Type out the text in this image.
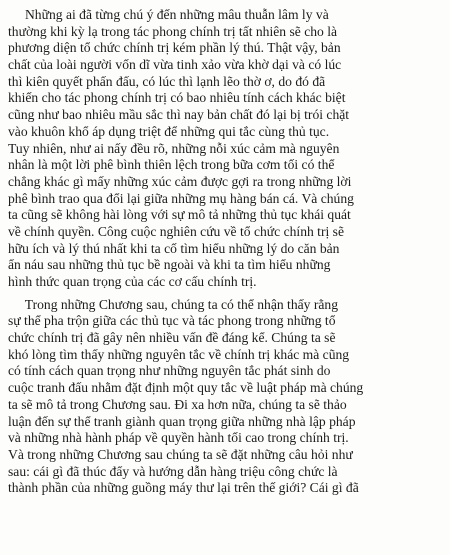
Những ai đã từng chú ý đến những mâu thuẫn lâm ly và
thường khi kỳ lạ trong tác phong chính trị tất nhiên sẽ cho là
phương diện tổ chức chính trị kém phần lý thú. Thật vậy, bản
chất của loài người vốn dĩ vừa tinh xảo vừa khờ dại và có lúc
thì kiên quyết phấn đấu, có lúc thì lạnh lẽo thờ ơ, do đó đã
khiến cho tác phong chính trị có bao nhiêu tính cách khác biệt
cũng như bao nhiêu mầu sắc thì nay bản chất đó lại bị trói chặt
vào khuôn khổ áp dụng triệt để những qui tắc cùng thủ tục.
Tuy nhiên, như ai nấy đều rõ, những nỗi xúc cảm mà nguyên
nhân là một lời phê bình thiên lệch trong bữa cơm tối có thể
chẳng khác gì mấy những xúc cảm được gợi ra trong những lời
phê bình trao qua đổi lại giữa những mụ hàng bán cá. Và chúng
ta cũng sẽ không hài lòng với sự mô tả những thủ tục khái quát
về chính quyền. Công cuộc nghiên cứu về tổ chức chính trị sẽ
hữu ích và lý thú nhất khi ta cố tìm hiểu những lý do căn bản
ẩn náu sau những thủ tục bề ngoài và khi ta tìm hiểu những
hình thức quan trọng của các cơ cấu chính trị.

Trong những Chương sau, chúng ta có thể nhận thấy rằng
sự thể pha trộn giữa các thủ tục và tác phong trong những tổ
chức chính trị đã gây nên nhiều vấn đề đáng kể. Chúng ta sẽ
khó lòng tìm thấy những nguyên tắc về chính trị khác mà cũng
có tính cách quan trọng như những nguyên tắc phát sinh do
cuộc tranh đấu nhằm đặt định một quy tắc về luật pháp mà chúng
ta sẽ mô tả trong Chương sau. Đi xa hơn nữa, chúng ta sẽ thảo
luận đến sự thể tranh giành quan trọng giữa những nhà lập pháp
và những nhà hành pháp về quyền hành tối cao trong chính trị.
Và trong những Chương sau chúng ta sẽ đặt những câu hỏi như
sau: cái gì đã thúc đẩy và hướng dẫn hàng triệu công chức là
thành phần của những guồng máy thư lại trên thế giới? Cái gì đã
